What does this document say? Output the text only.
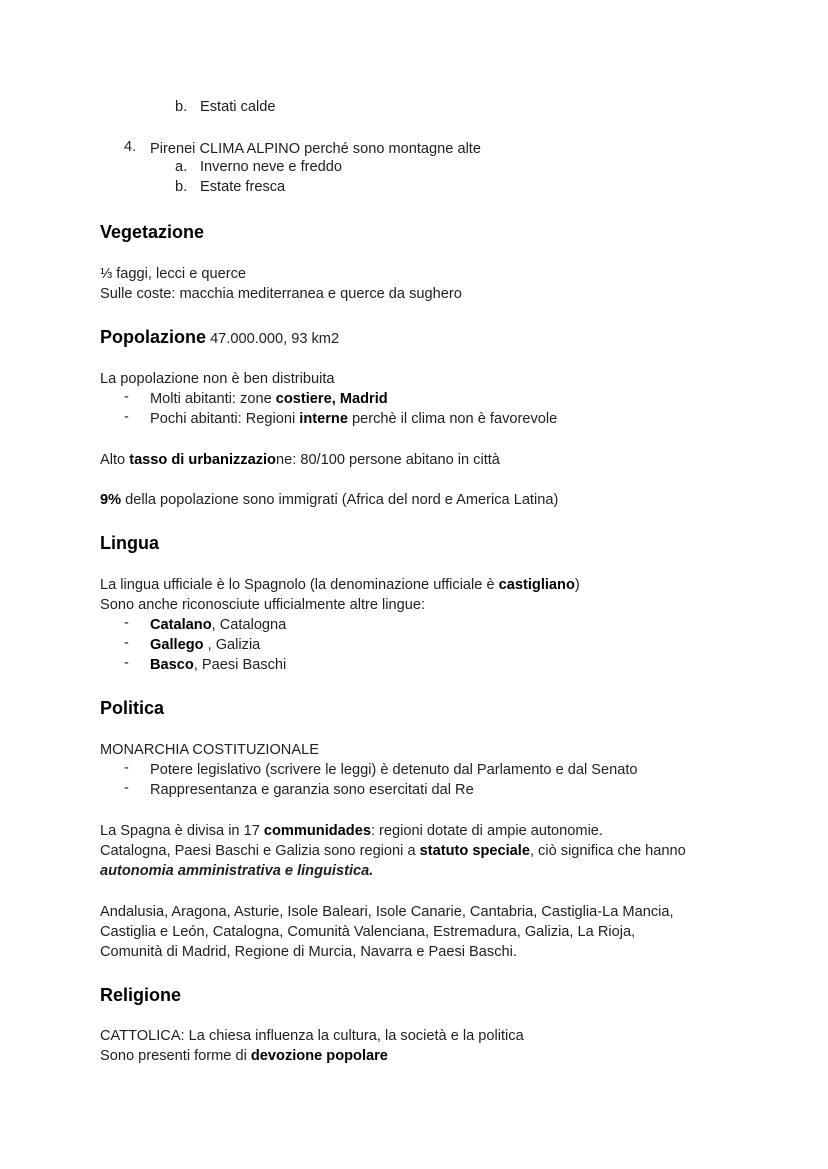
b. Estati calde
4. Pirenei CLIMA ALPINO perché sono montagne alte
a. Inverno neve e freddo
b. Estate fresca
Vegetazione
⅓ faggi, lecci e querce
Sulle coste: macchia mediterranea e querce da sughero
Popolazione 47.000.000, 93 km2
La popolazione non è ben distribuita
- Molti abitanti: zone costiere, Madrid
- Pochi abitanti: Regioni interne perchè il clima non è favorevole
Alto tasso di urbanizzazione: 80/100 persone abitano in città
9% della popolazione sono immigrati (Africa del nord e America Latina)
Lingua
La lingua ufficiale è lo Spagnolo (la denominazione ufficiale è castigliano)
Sono anche riconosciute ufficialmente altre lingue:
- Catalano, Catalogna
- Gallego , Galizia
- Basco, Paesi Baschi
Politica
MONARCHIA COSTITUZIONALE
- Potere legislativo (scrivere le leggi) è detenuto dal Parlamento e dal Senato
- Rappresentanza e garanzia sono esercitati dal Re
La Spagna è divisa in 17 communidades: regioni dotate di ampie autonomie.
Catalogna, Paesi Baschi e Galizia sono regioni a statuto speciale, ciò significa che hanno
autonomia amministrativa e linguistica.
Andalusia, Aragona, Asturie, Isole Baleari, Isole Canarie, Cantabria, Castiglia-La Mancia,
Castiglia e León, Catalogna, Comunità Valenciana, Estremadura, Galizia, La Rioja,
Comunità di Madrid, Regione di Murcia, Navarra e Paesi Baschi.
Religione
CATTOLICA: La chiesa influenza la cultura, la società e la politica
Sono presenti forme di devozione popolare
